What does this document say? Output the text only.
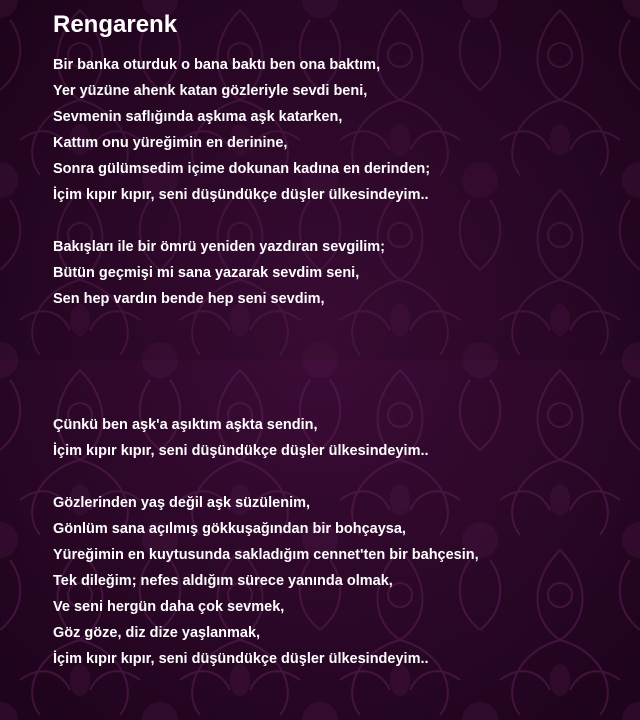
Rengarenk
Bir banka oturduk o bana baktı ben ona baktım,
Yer yüzüne ahenk katan gözleriyle sevdi beni,
Sevmenin saflığında aşkıma aşk katarken,
Kattım onu yüreğimin en derinine,
Sonra gülümsedim içime dokunan kadına en derinden;
İçim kıpır kıpır, seni düşündükçe düşler ülkesindeyim..
Bakışları ile bir ömrü yeniden yazdıran sevgilim;
Bütün geçmişi mi sana yazarak sevdim seni,
Sen hep vardın bende hep seni sevdim,
Çünkü ben aşk'a aşıktım aşkta sendin,
İçim kıpır kıpır, seni düşündükçe düşler ülkesindeyim..
Gözlerinden yaş değil aşk süzülenim,
Gönlüm sana açılmış gökkuşağından bir bohçaysa,
Yüreğimin en kuytusunda sakladığım cennet'ten bir bahçesin,
Tek dileğim; nefes aldığım sürece yanında olmak,
Ve seni hergün daha çok sevmek,
Göz göze, diz dize yaşlanmak,
İçim kıpır kıpır, seni düşündükçe düşler ülkesindeyim..
